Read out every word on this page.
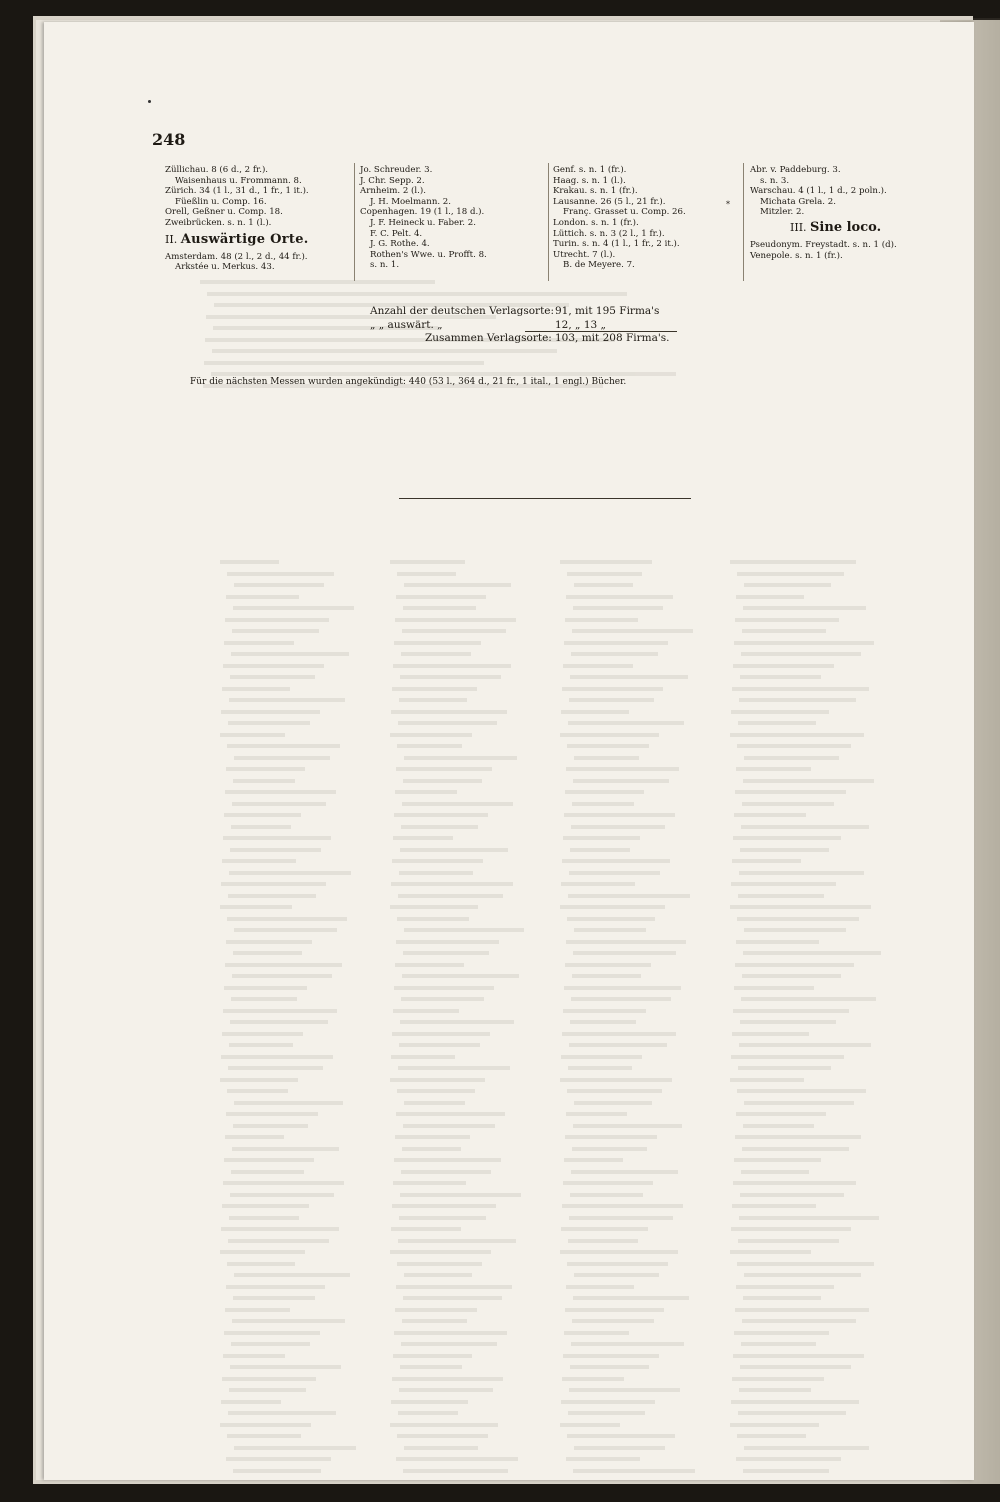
248
Züllichau. 8 (6 d., 2 fr.).
Waisenhaus u. Frommann. 8.
Zürich. 34 (1 l., 31 d., 1 fr., 1 it.).
Füeßlin u. Comp. 16.
Orell, Geßner u. Comp. 18.
Zweibrücken. s. n. 1 (l.).
II. Auswärtige Orte.
Amsterdam. 48 (2 l., 2 d., 44 fr.).
Arkstée u. Merkus. 43.
Jo. Schreuder. 3.
J. Chr. Sepp. 2.
Arnheim. 2 (l.).
J. H. Moelmann. 2.
Copenhagen. 19 (1 l., 18 d.).
J. F. Heineck u. Faber. 2.
F. C. Pelt. 4.
J. G. Rothe. 4.
Rothen's Wwe. u. Profft. 8.
s. n. 1.
Genf. s. n. 1 (fr.).
Haag. s. n. 1 (l.).
Krakau. s. n. 1 (fr.).
Lausanne. 26 (5 l., 21 fr.).
Franç. Grasset u. Comp. 26.
London. s. n. 1 (fr.).
Lüttich. s. n. 3 (2 l., 1 fr.).
Turin. s. n. 4 (1 l., 1 fr., 2 it.).
Utrecht. 7 (l.).
B. de Meyere. 7.
*
Abr. v. Paddeburg. 3.
s. n. 3.
Warschau. 4 (1 l., 1 d., 2 poln.).
Michata Grela. 2.
Mitzler. 2.
III. Sine loco.
Pseudonym. Freystadt. s. n. 1 (d).
Venepole. s. n. 1 (fr.).
Anzahl der deutschen Verlagsorte: 91, mit 195 Firma's
„ „ auswärt. „	12, „ 13 „
Zusammen Verlagsorte: 103, mit 208 Firma's.
Für die nächsten Messen wurden angekündigt: 440 (53 l., 364 d., 21 fr., 1 ital., 1 engl.) Bücher.
